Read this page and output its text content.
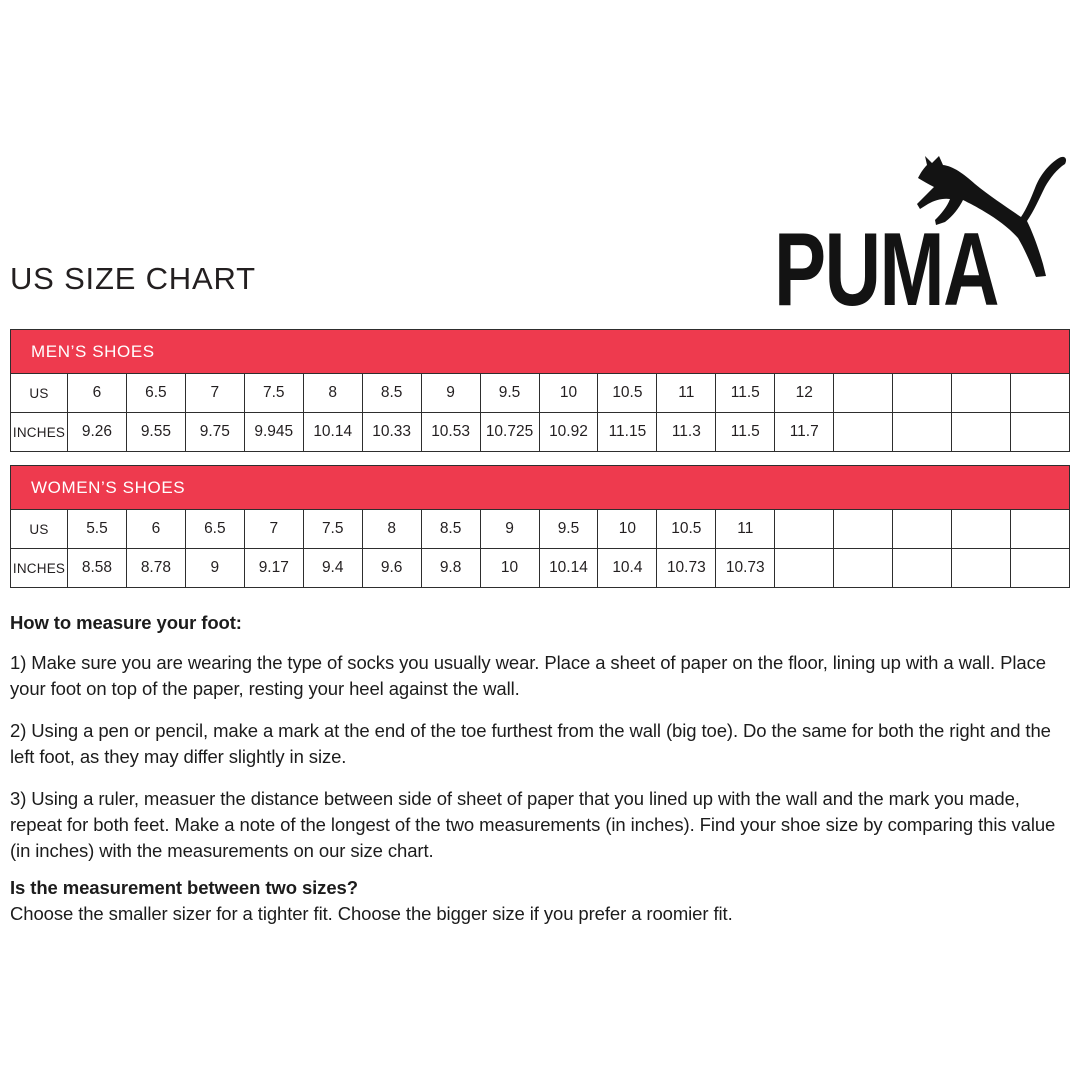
PUMA
US SIZE CHART
MEN’S SHOES																	
US	6	6.5	7	7.5	8	8.5	9	9.5	10	10.5	11	11.5	12				
INCHES	9.26	9.55	9.75	9.945	10.14	10.33	10.53	10.725	10.92	11.15	11.3	11.5	11.7				
WOMEN’S SHOES																	
US	5.5	6	6.5	7	7.5	8	8.5	9	9.5	10	10.5	11					
INCHES	8.58	8.78	9	9.17	9.4	9.6	9.8	10	10.14	10.4	10.73	10.73					
How to measure your foot:

1) Make sure you are wearing the type of socks you usually wear. Place a sheet of paper on the floor, lining up with a wall. Place your foot on top of the paper, resting your heel against the wall.

2) Using a pen or pencil, make a mark at the end of the toe furthest from the wall (big toe). Do the same for both the right and the left foot, as they may differ slightly in size.

3) Using a ruler, measuer the distance between side of sheet of paper that you lined up with the wall and the mark you made, repeat for both feet. Make a note of the longest of the two measurements (in inches). Find your shoe size by comparing this value (in inches) with the measurements on our size chart.

Is the measurement between two sizes?

Choose the smaller sizer for a tighter fit. Choose the bigger size if you prefer a roomier fit.
